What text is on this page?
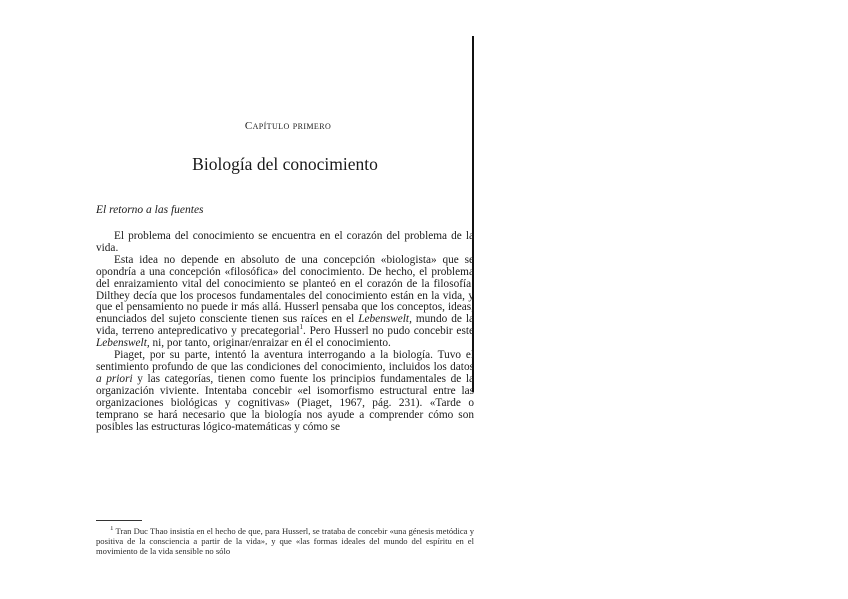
Capítulo primero
Biología del conocimiento
El retorno a las fuentes

El problema del conocimiento se encuentra en el corazón del problema de la vida.

Esta idea no depende en absoluto de una concepción «biologista» que se opondría a una concepción «filosófica» del conocimiento. De hecho, el problema del enraizamiento vital del conocimiento se planteó en el corazón de la filosofía. Dilthey decía que los procesos fundamentales del conocimiento están en la vida, y que el pensamiento no puede ir más allá. Husserl pensaba que los conceptos, ideas, enunciados del sujeto consciente tienen sus raíces en el Lebenswelt, mundo de la vida, terreno antepredicativo y precategorial$^1$. Pero Husserl no pudo concebir este Lebenswelt, ni, por tanto, originar/enraizar en él el conocimiento.

Piaget, por su parte, intentó la aventura interrogando a la biología. Tuvo el sentimiento profundo de que las condiciones del conocimiento, incluidos los datos a priori y las categorías, tienen como fuente los principios fundamentales de la organización viviente. Intentaba concebir «el isomorfismo estructural entre las organizaciones biológicas y cognitivas» (Piaget, 1967, pág. 231). «Tarde o temprano se hará necesario que la biología nos ayude a comprender cómo son posibles las estructuras lógico-matemáticas y cómo se

$^1$ Tran Duc Thao insistía en el hecho de que, para Husserl, se trataba de concebir «una génesis metódica y positiva de la consciencia a partir de la vida», y que «las formas ideales del mundo del espíritu en el movimiento de la vida sensible no sólo
